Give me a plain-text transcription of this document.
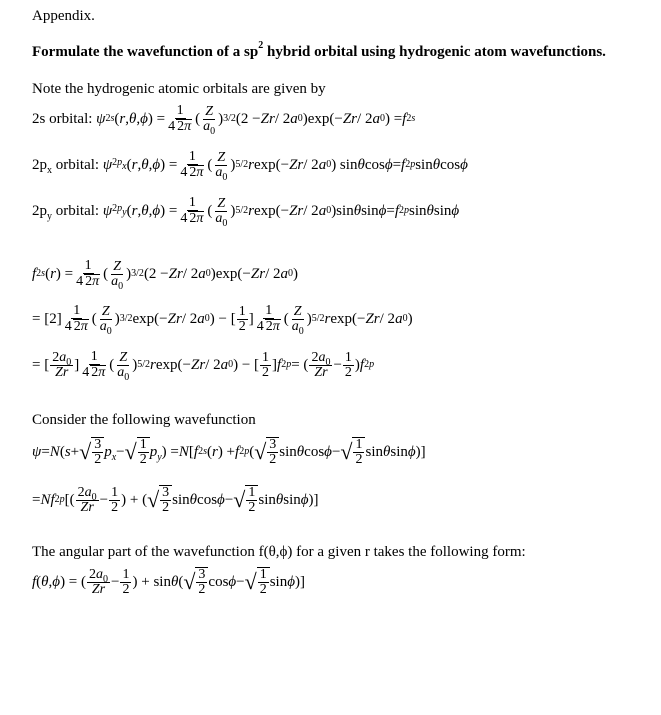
Appendix.
Formulate the wavefunction of a $sp^2$ hybrid orbital using hydrogenic atom wavefunctions.
Note the hydrogenic atomic orbitals are given by
2s orbital:
ψ 2s ( r , θ , ϕ ) = $\frac{1}{4 2\pi}$ ( $\frac{Z}{a_0}$ ) 3/2 (2 − Zr / 2 a 0 )exp(− Zr / 2 a 0 ) = f 2s
$2p_x$ orbital:
ψ $2p_x$ ( r , θ , ϕ ) = $\frac{1}{4 2\pi}$ ( $\frac{Z}{a_0}$ ) 5/2 r exp(− Zr / 2 a 0 ) sin θ cos ϕ = f 2p sin θ cos ϕ
$2p_y$ orbital:
ψ $2p_y$ ( r , θ , ϕ ) = $\frac{1}{4 2\pi}$ ( $\frac{Z}{a_0}$ ) 5/2 r exp(− Zr / 2 a 0 )sin θ sin ϕ = f 2p sin θ sin ϕ
f 2s ( r ) = $\frac{1}{4 2\pi}$ ( $\frac{Z}{a_0}$ ) 3/2 (2 − Zr / 2 a 0 )exp(− Zr / 2 a 0 )
= $[2] \frac{1}{4 2\pi}$ ( $\frac{Z}{a_0}$ ) 3/2 exp(− Zr / 2 a 0 ) − [ $\frac{1}{2}$ ] $\frac{1}{4 2\pi}$ ( $\frac{Z}{a_0}$ ) 5/2 r exp(− Zr / 2 a 0 )
= [ $\frac{2a_0}{Zr}$ ] $\frac{1}{4 2\pi}$ ( $\frac{Z}{a_0}$ ) 5/2 r exp(− Zr / 2 a 0 ) − [ $\frac{1}{2}$ ] f 2p = ( $\frac{2a_0}{Zr} - \frac{1}{2}$ ) f 2p
Consider the following wavefunction
ψ = N ( s + √ $\frac{3}{2} p_x$ − √ $\frac{1}{2} p_y$ ) = N [ f 2s ( r ) + f 2p ( √ $\frac{3}{2}$ sin θ cos ϕ − √ $\frac{1}{2}$ sin θ sin ϕ )]
= Nf 2p [( $\frac{2a_0}{Zr} - \frac{1}{2}$ ) + ( √ $\frac{3}{2}$ sin θ cos ϕ − √ $\frac{1}{2}$ sin θ sin ϕ )]
The angular part of the wavefunction f(θ,ϕ) for a given r takes the following form:
f ( θ , ϕ ) = ( $\frac{2a_0}{Zr} - \frac{1}{2}$ ) + sin θ ( √ $\frac{3}{2}$ cos ϕ − √ $\frac{1}{2}$ sin ϕ )]
